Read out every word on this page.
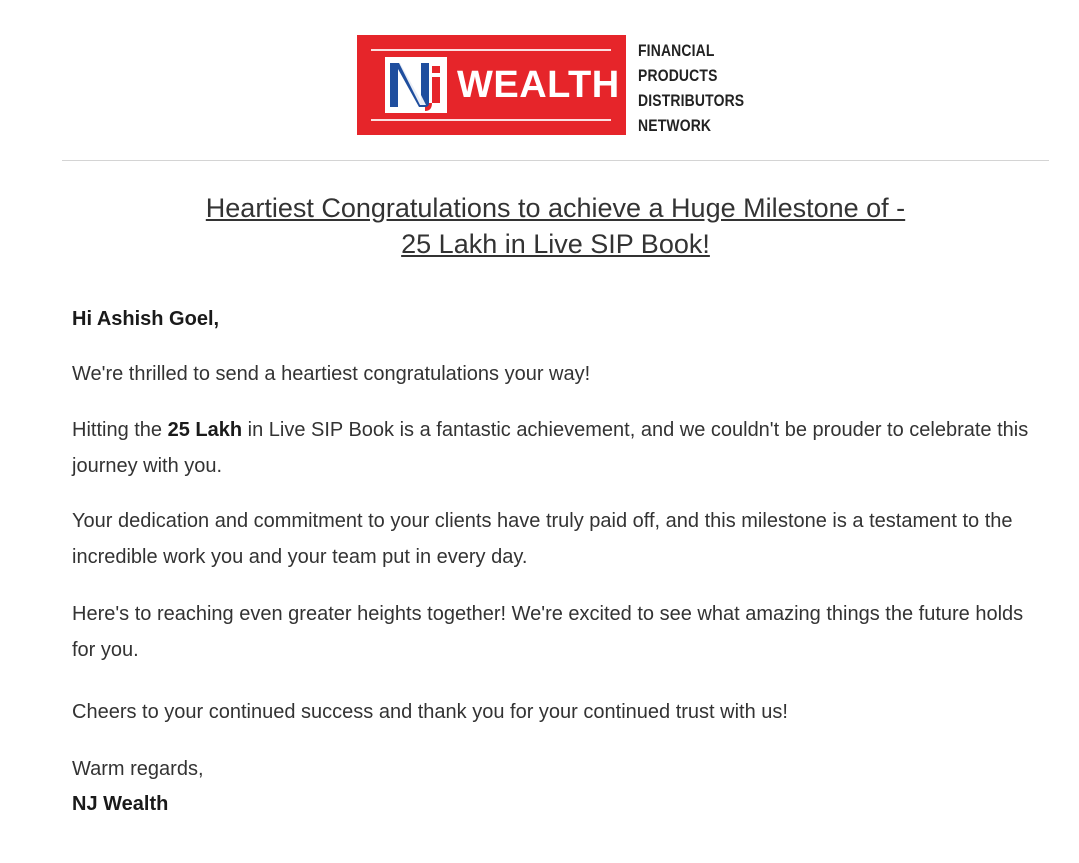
WEALTH
FINANCIAL
PRODUCTS
DISTRIBUTORS
NETWORK
Heartiest Congratulations to achieve a Huge Milestone of -
25 Lakh in Live SIP Book!

Hi Ashish Goel,

We're thrilled to send a heartiest congratulations your way!

Hitting the 25 Lakh in Live SIP Book is a fantastic achievement, and we couldn't be prouder to celebrate this journey with you.

Your dedication and commitment to your clients have truly paid off, and this milestone is a testament to the incredible work you and your team put in every day.

Here's to reaching even greater heights together! We're excited to see what amazing things the future holds for you.

Cheers to your continued success and thank you for your continued trust with us!

Warm regards,

NJ Wealth
